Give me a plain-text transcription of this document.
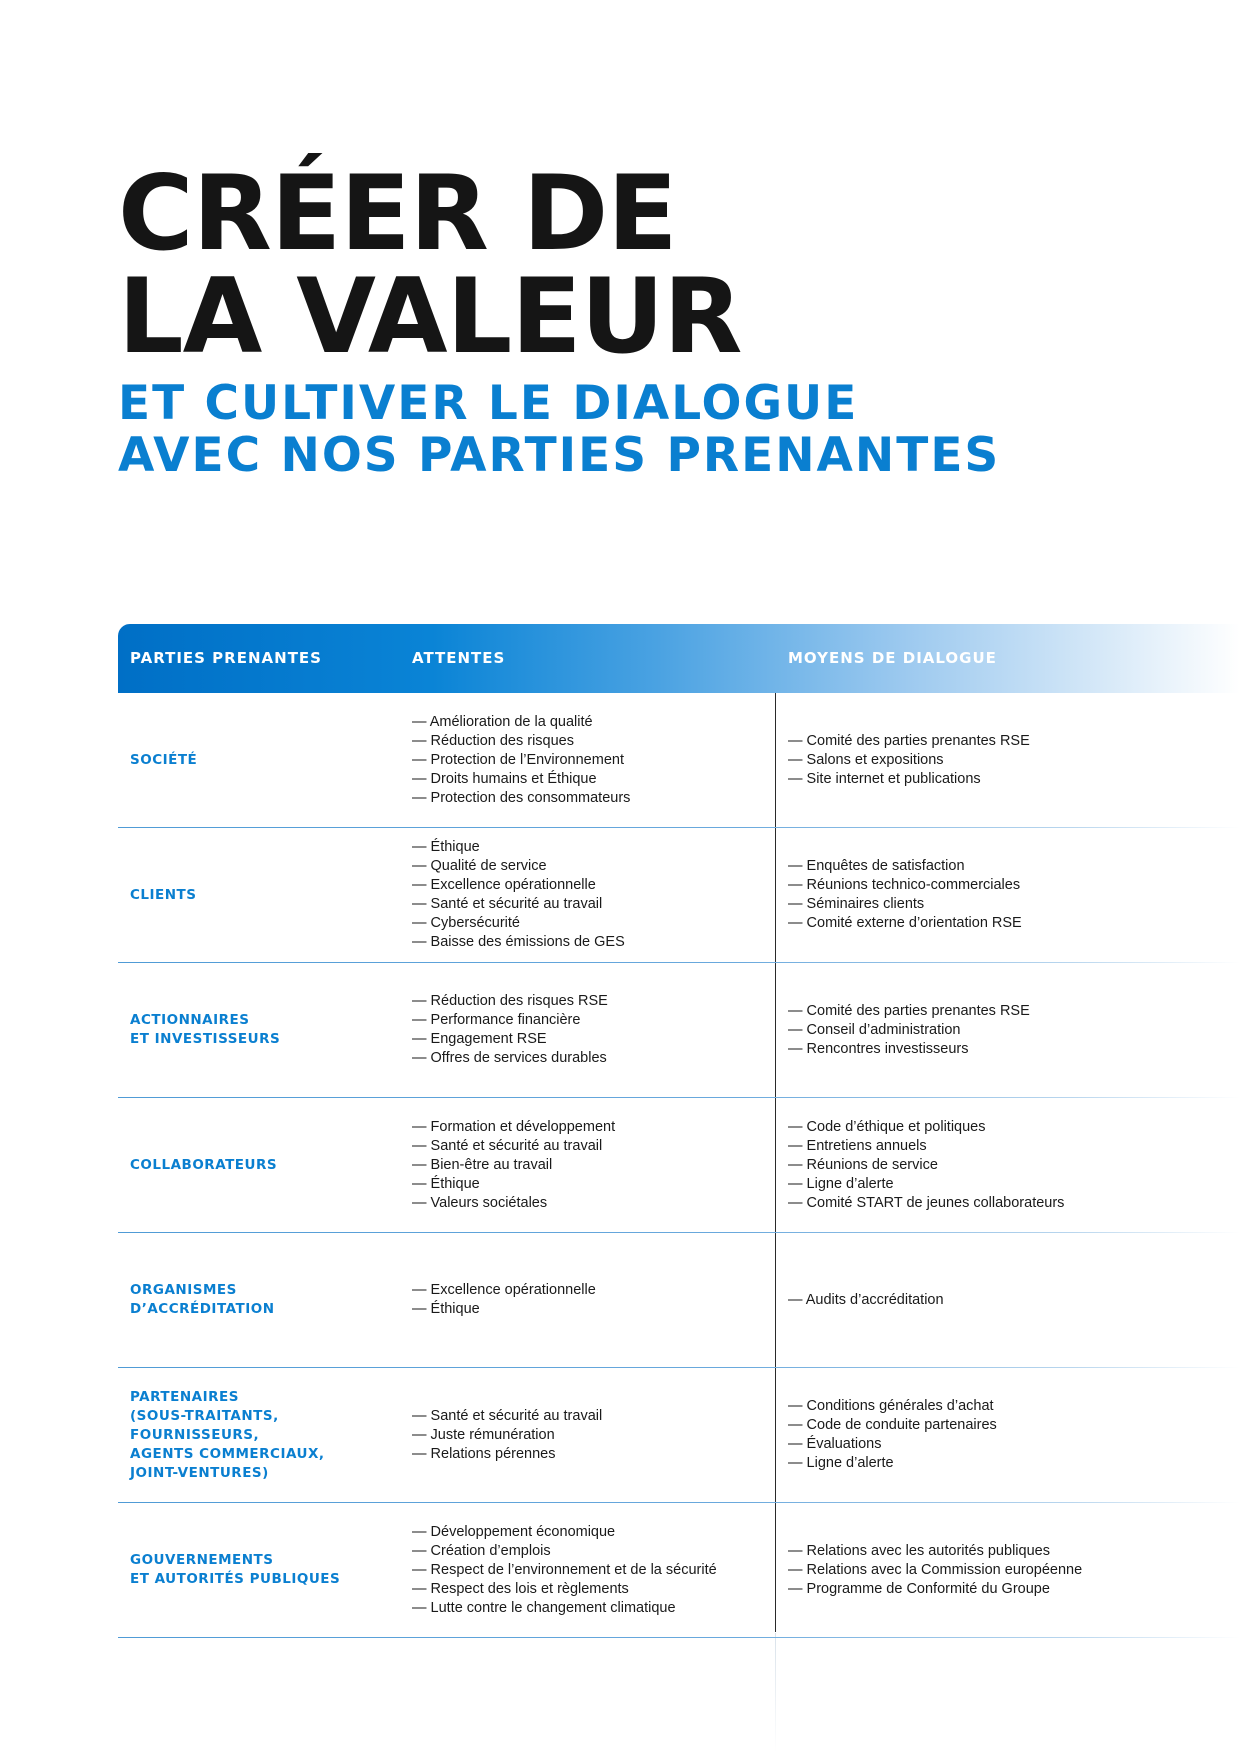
CRÉER DE
LA VALEUR
ET CULTIVER LE DIALOGUE
AVEC NOS PARTIES PRENANTES
PARTIES PRENANTES	ATTENTES	MOYENS DE DIALOGUE
SOCIÉTÉ
— Amélioration de la qualité
— Réduction des risques
— Protection de l’Environnement
— Droits humains et Éthique
— Protection des consommateurs
— Comité des parties prenantes RSE
— Salons et expositions
— Site internet et publications
CLIENTS
— Éthique
— Qualité de service
— Excellence opérationnelle
— Santé et sécurité au travail
— Cybersécurité
— Baisse des émissions de GES
— Enquêtes de satisfaction
— Réunions technico-commerciales
— Séminaires clients
— Comité externe d’orientation RSE
ACTIONNAIRES
ET INVESTISSEURS
— Réduction des risques RSE
— Performance financière
— Engagement RSE
— Offres de services durables
— Comité des parties prenantes RSE
— Conseil d’administration
— Rencontres investisseurs
COLLABORATEURS
— Formation et développement
— Santé et sécurité au travail
— Bien-être au travail
— Éthique
— Valeurs sociétales
— Code d’éthique et politiques
— Entretiens annuels
— Réunions de service
— Ligne d’alerte
— Comité START de jeunes collaborateurs
ORGANISMES
D’ACCRÉDITATION
— Excellence opérationnelle
— Éthique
— Audits d’accréditation
PARTENAIRES
(SOUS-TRAITANTS, FOURNISSEURS,
AGENTS COMMERCIAUX,
JOINT-VENTURES)
— Santé et sécurité au travail
— Juste rémunération
— Relations pérennes
— Conditions générales d’achat
— Code de conduite partenaires
— Évaluations
— Ligne d’alerte
GOUVERNEMENTS
ET AUTORITÉS PUBLIQUES
— Développement économique
— Création d’emplois
— Respect de l’environnement et de la sécurité
— Respect des lois et règlements
— Lutte contre le changement climatique
— Relations avec les autorités publiques
— Relations avec la Commission européenne
— Programme de Conformité du Groupe
